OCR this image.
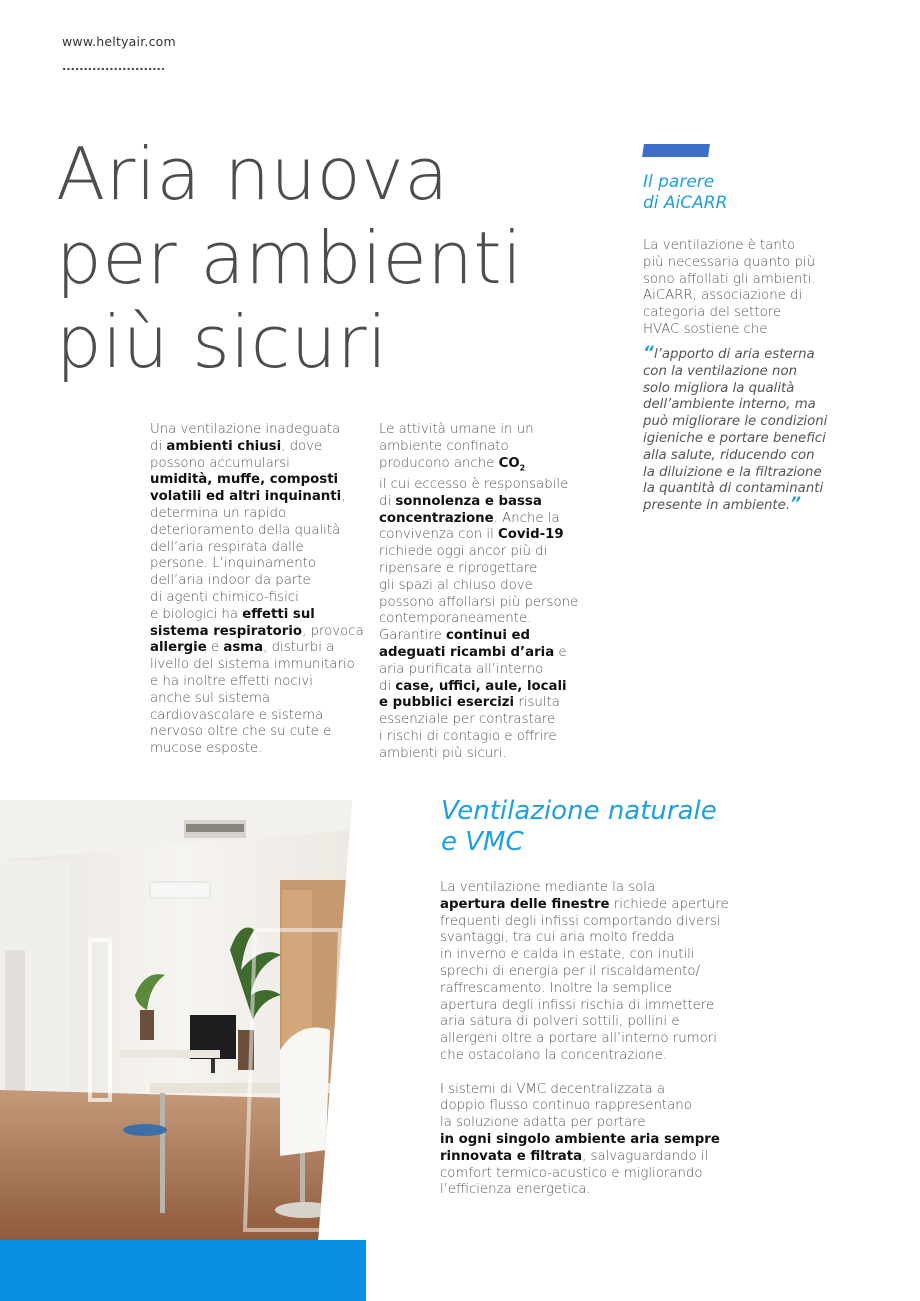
www.heltyair.com
Aria nuova
per ambienti
più sicuri
Una ventilazione inadeguata
di ambienti chiusi, dove
possono accumularsi
umidità, muffe, composti
volatili ed altri inquinanti,
determina un rapido
deterioramento della qualità
dell’aria respirata dalle
persone. L’inquinamento
dell’aria indoor da parte
di agenti chimico-fisici
e biologici ha effetti sul
sistema respiratorio, provoca
allergie e asma, disturbi a
livello del sistema immunitario
e ha inoltre effetti nocivi
anche sul sistema
cardiovascolare e sistema
nervoso oltre che su cute e
mucose esposte.
Le attività umane in un
ambiente confinato
producono anche $CO_2$,
il cui eccesso è responsabile
di sonnolenza e bassa
concentrazione. Anche la
convivenza con il Covid-19
richiede oggi ancor più di
ripensare e riprogettare
gli spazi al chiuso dove
possono affollarsi più persone
contemporaneamente.
Garantire continui ed
adeguati ricambi d’aria e
aria purificata all’interno
di case, uffici, aule, locali
e pubblici esercizi risulta
essenziale per contrastare
i rischi di contagio e offrire
ambienti più sicuri.
Il parere
di AiCARR
La ventilazione è tanto
più necessaria quanto più
sono affollati gli ambienti.
AiCARR, associazione di
categoria del settore
HVAC sostiene che
“l’apporto di aria esterna
con la ventilazione non
solo migliora la qualità
dell’ambiente interno, ma
può migliorare le condizioni
igieniche e portare benefici
alla salute, riducendo con
la diluizione e la filtrazione
la quantità di contaminanti
presente in ambiente.”
Ventilazione naturale
e VMC
La ventilazione mediante la sola
apertura delle finestre richiede aperture
frequenti degli infissi comportando diversi
svantaggi, tra cui aria molto fredda
in inverno e calda in estate, con inutili
sprechi di energia per il riscaldamento/
raffrescamento. Inoltre la semplice
apertura degli infissi rischia di immettere
aria satura di polveri sottili, pollini e
allergeni oltre a portare all’interno rumori
che ostacolano la concentrazione.
I sistemi di VMC decentralizzata a
doppio flusso continuo rappresentano
la soluzione adatta per portare
in ogni singolo ambiente aria sempre
rinnovata e filtrata, salvaguardando il
comfort termico-acustico e migliorando
l’efficienza energetica.
